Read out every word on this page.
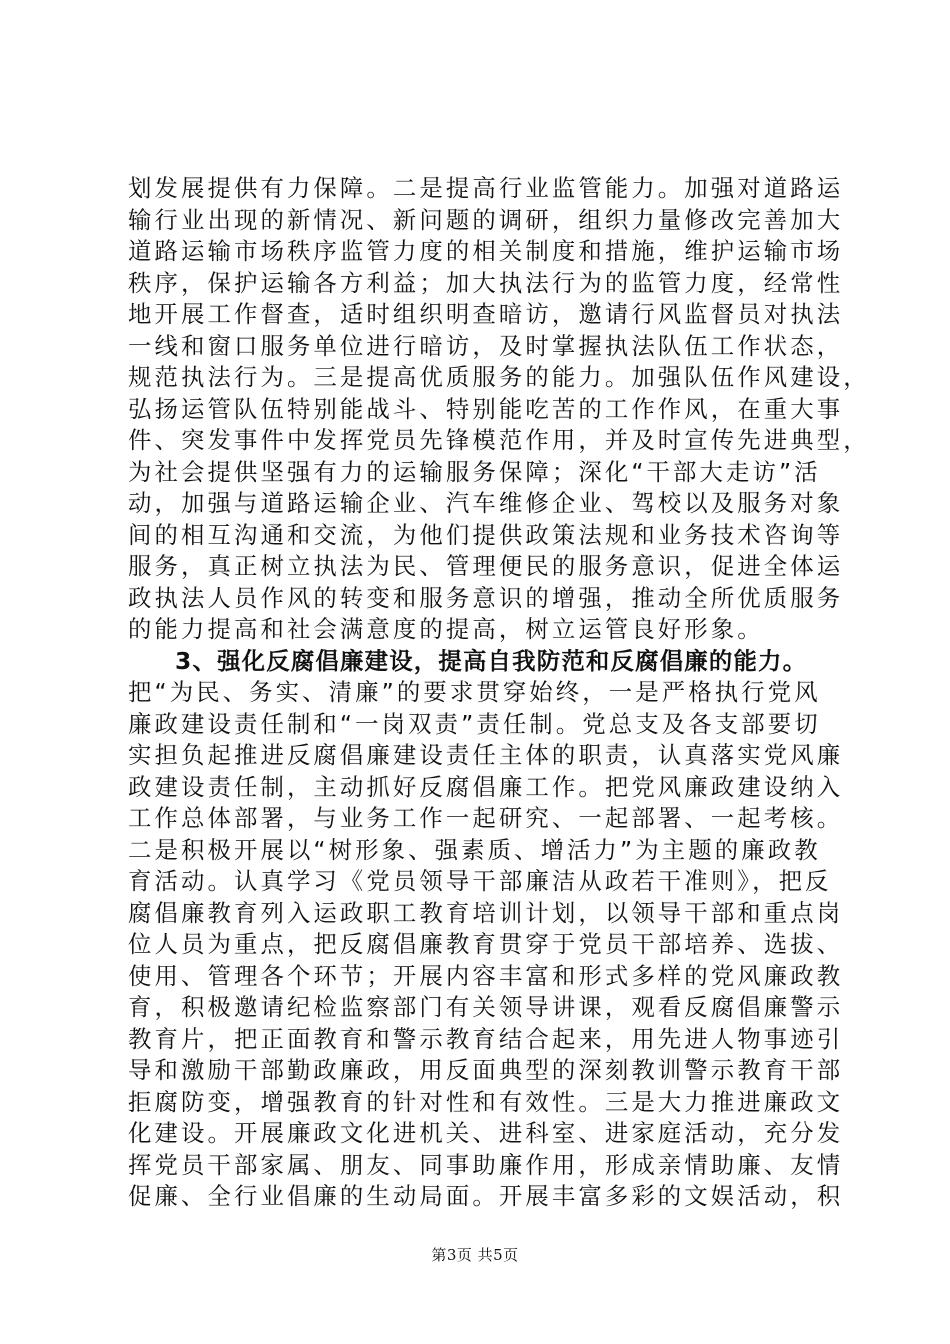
划发展提供有力保障。二是提高行业监管能力。加强对道路运
输行业出现的新情况、新问题的调研，组织力量修改完善加大
道路运输市场秩序监管力度的相关制度和措施，维护运输市场
秩序，保护运输各方利益；加大执法行为的监管力度，经常性
地开展工作督查，适时组织明查暗访，邀请行风监督员对执法
一线和窗口服务单位进行暗访，及时掌握执法队伍工作状态，
规范执法行为。三是提高优质服务的能力。加强队伍作风建设，
弘扬运管队伍特别能战斗、特别能吃苦的工作作风，在重大事
件、突发事件中发挥党员先锋模范作用，并及时宣传先进典型，
为社会提供坚强有力的运输服务保障；深化“干部大走访”活
动，加强与道路运输企业、汽车维修企业、驾校以及服务对象
间的相互沟通和交流，为他们提供政策法规和业务技术咨询等
服务，真正树立执法为民、管理便民的服务意识，促进全体运
政执法人员作风的转变和服务意识的增强，推动全所优质服务
的能力提高和社会满意度的提高，树立运管良好形象。
3、强化反腐倡廉建设，提高自我防范和反腐倡廉的能力。
把“为民、务实、清廉”的要求贯穿始终，一是严格执行党风
廉政建设责任制和“一岗双责”责任制。党总支及各支部要切
实担负起推进反腐倡廉建设责任主体的职责，认真落实党风廉
政建设责任制，主动抓好反腐倡廉工作。把党风廉政建设纳入
工作总体部署，与业务工作一起研究、一起部署、一起考核。
二是积极开展以“树形象、强素质、增活力”为主题的廉政教
育活动。认真学习《党员领导干部廉洁从政若干准则》，把反
腐倡廉教育列入运政职工教育培训计划，以领导干部和重点岗
位人员为重点，把反腐倡廉教育贯穿于党员干部培养、选拔、
使用、管理各个环节；开展内容丰富和形式多样的党风廉政教
育，积极邀请纪检监察部门有关领导讲课，观看反腐倡廉警示
教育片，把正面教育和警示教育结合起来，用先进人物事迹引
导和激励干部勤政廉政，用反面典型的深刻教训警示教育干部
拒腐防变，增强教育的针对性和有效性。三是大力推进廉政文
化建设。开展廉政文化进机关、进科室、进家庭活动，充分发
挥党员干部家属、朋友、同事助廉作用，形成亲情助廉、友情
促廉、全行业倡廉的生动局面。开展丰富多彩的文娱活动，积
第3页 共5页
